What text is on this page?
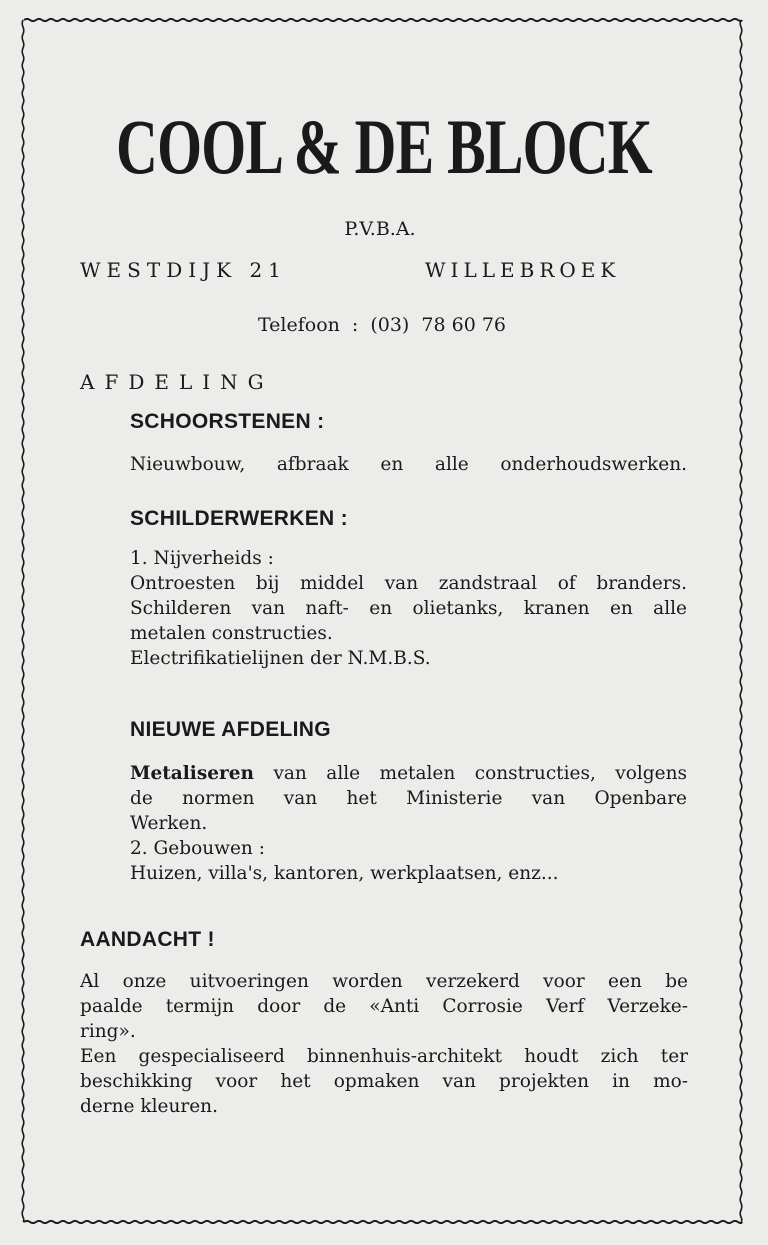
COOL & DE BLOCK
P.V.B.A.
WESTDIJK 21	WILLEBROEK
Telefoon : (03)  78 60 76
AFDELING
SCHOORSTENEN :
Nieuwbouw, afbraak en alle onderhoudswerken.
SCHILDERWERKEN :
1. Nijverheids :
Ontroesten bij middel van zandstraal of branders.
Schilderen van naft- en olietanks, kranen en alle
metalen constructies.
Electrifikatielijnen der N.M.B.S.
NIEUWE AFDELING
Metaliseren van alle metalen constructies, volgens
de normen van het Ministerie van Openbare
Werken.
2. Gebouwen :
Huizen, villa's, kantoren, werkplaatsen, enz...
AANDACHT !
Al onze uitvoeringen worden verzekerd voor een be
paalde termijn door de «Anti Corrosie Verf Verzeke-
ring».
Een gespecialiseerd binnenhuis-architekt houdt zich ter
beschikking voor het opmaken van projekten in mo-
derne kleuren.
